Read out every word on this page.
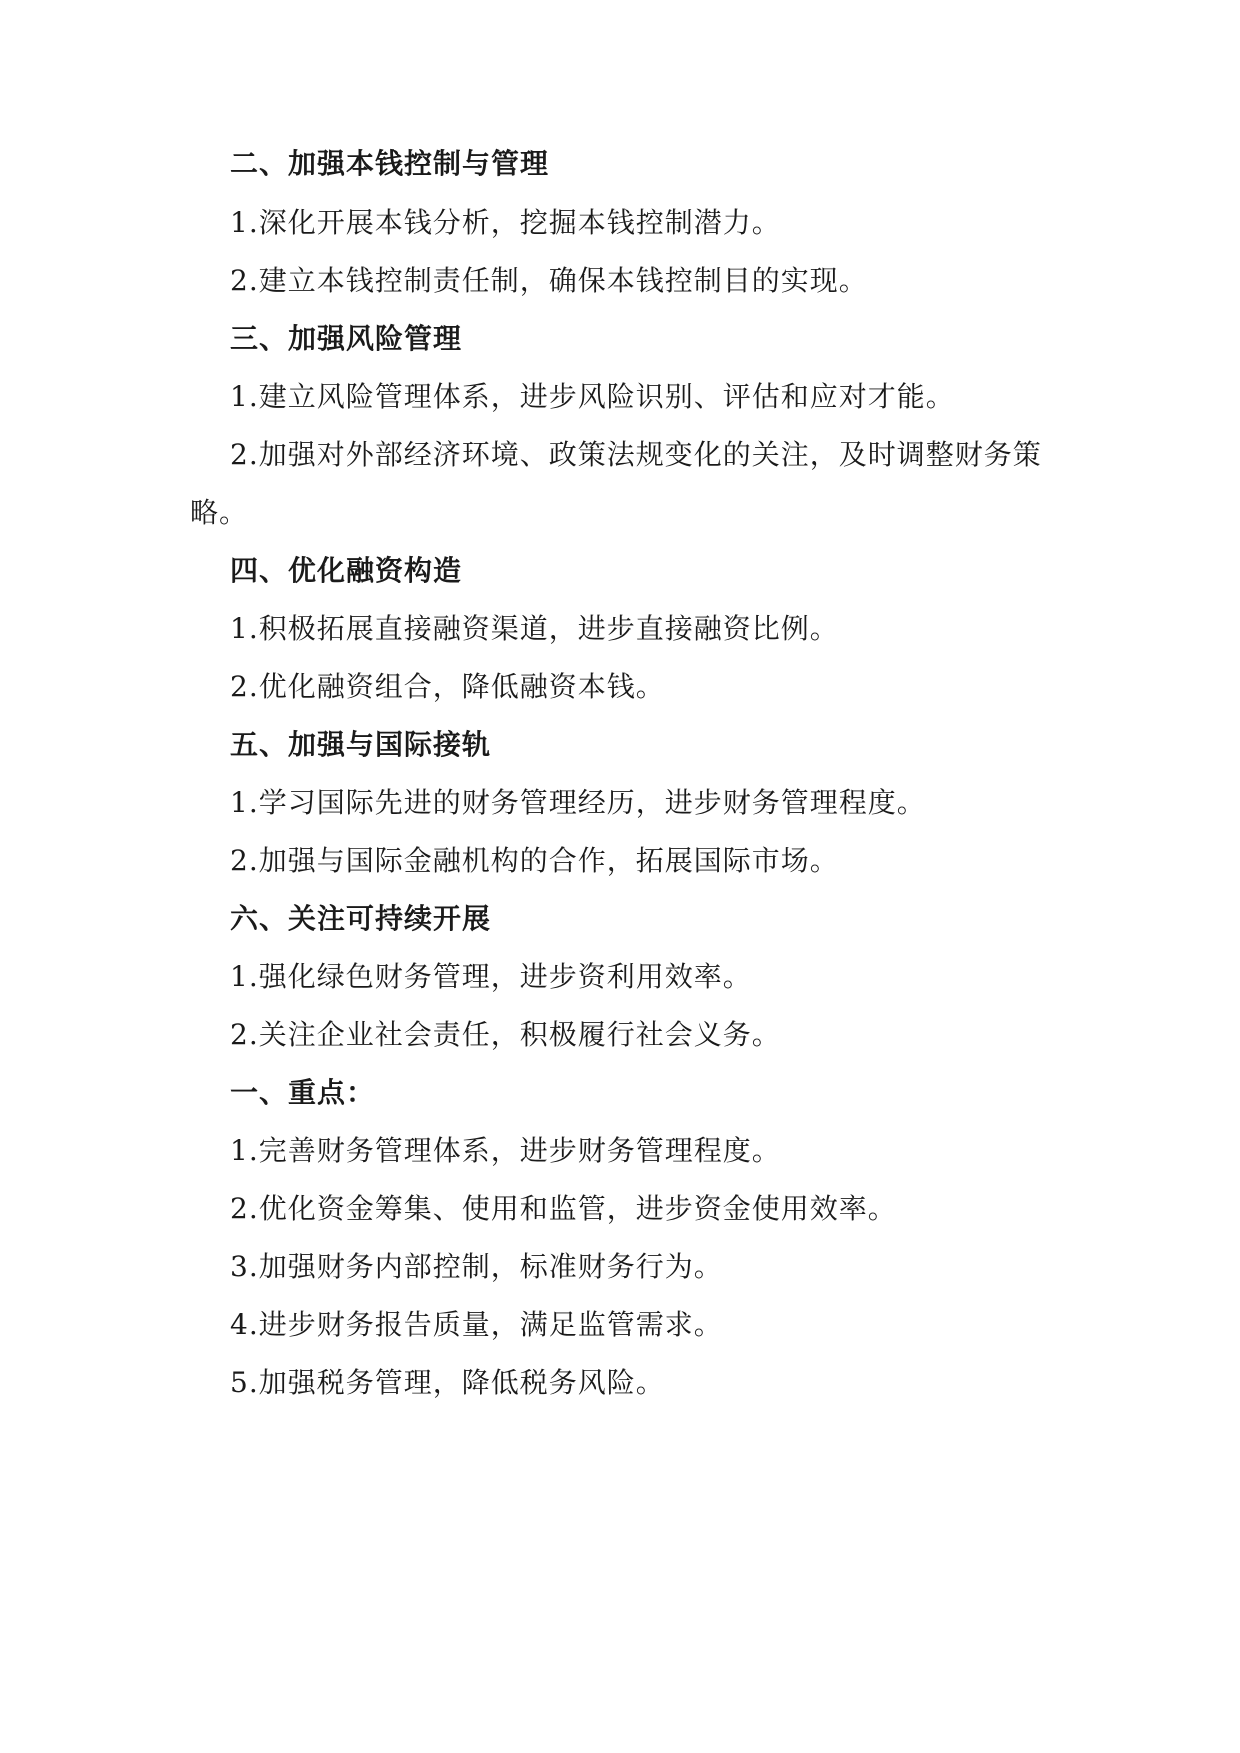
二、加强本钱控制与管理
1.深化开展本钱分析，挖掘本钱控制潜力。
2.建立本钱控制责任制，确保本钱控制目的实现。
三、加强风险管理
1.建立风险管理体系，进步风险识别、评估和应对才能。
2.加强对外部经济环境、政策法规变化的关注，及时调整财务策
略。
四、优化融资构造
1.积极拓展直接融资渠道，进步直接融资比例。
2.优化融资组合，降低融资本钱。
五、加强与国际接轨
1.学习国际先进的财务管理经历，进步财务管理程度。
2.加强与国际金融机构的合作，拓展国际市场。
六、关注可持续开展
1.强化绿色财务管理，进步资利用效率。
2.关注企业社会责任，积极履行社会义务。
一、重点：
1.完善财务管理体系，进步财务管理程度。
2.优化资金筹集、使用和监管，进步资金使用效率。
3.加强财务内部控制，标准财务行为。
4.进步财务报告质量，满足监管需求。
5.加强税务管理，降低税务风险。
